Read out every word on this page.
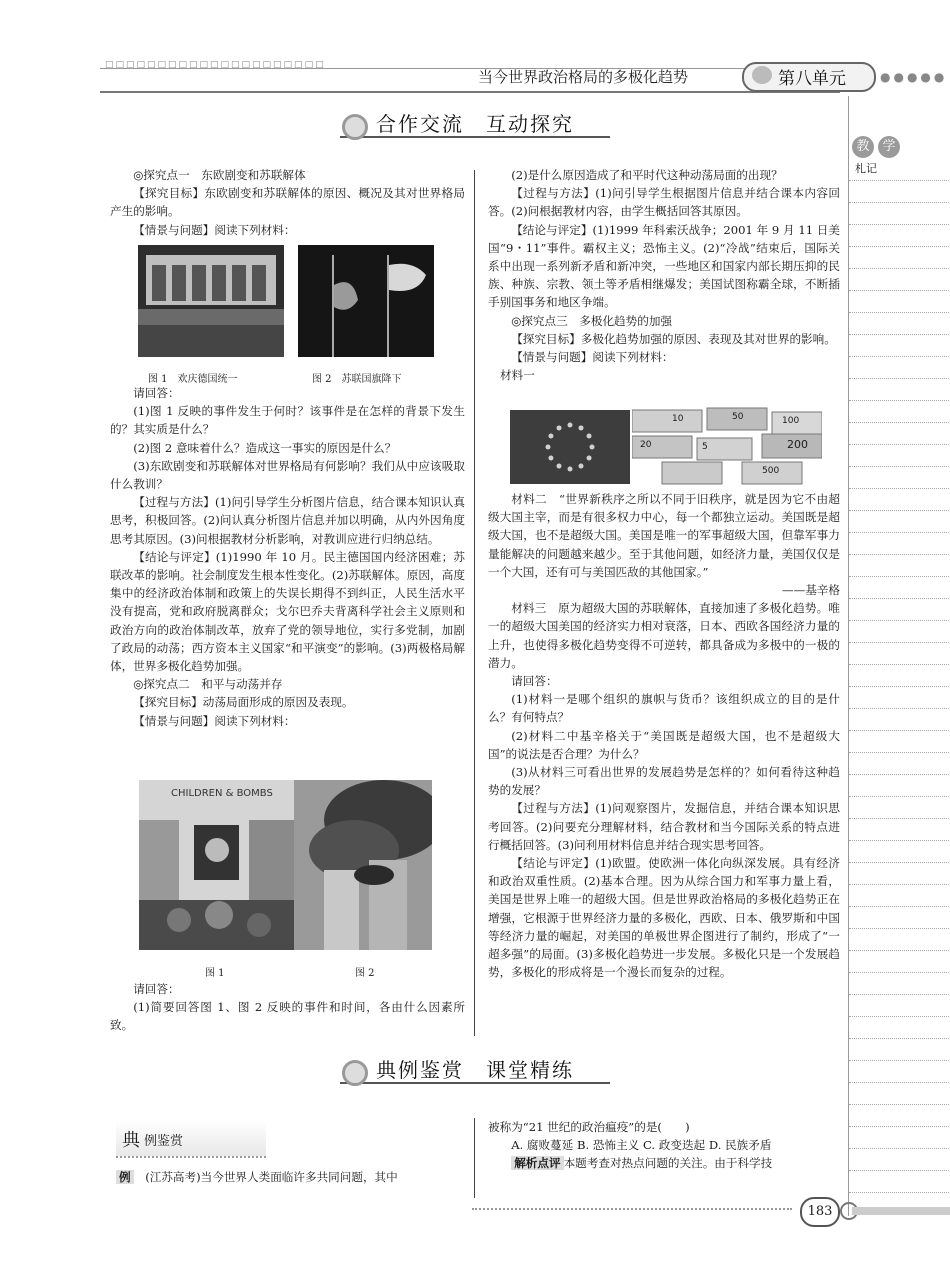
□□□□□□□□□□□□□□□□□□□□□
当今世界政治格局的多极化趋势	第八单元	●●●●●
教 学
札记
合作交流　互动探究

◎探究点一　东欧剧变和苏联解体

【探究目标】东欧剧变和苏联解体的原因、概况及其对世界格局产生的影响。

【情景与问题】阅读下列材料：

图 1　欢庆德国统一	图 2　苏联国旗降下

请回答：

(1)图 1 反映的事件发生于何时？该事件是在怎样的背景下发生的？其实质是什么？

(2)图 2 意味着什么？造成这一事实的原因是什么？

(3)东欧剧变和苏联解体对世界格局有何影响？我们从中应该吸取什么教训？

【过程与方法】(1)问引导学生分析图片信息，结合课本知识认真思考，积极回答。(2)问认真分析图片信息并加以明确，从内外因角度思考其原因。(3)问根据教材分析影响，对教训应进行归纳总结。

【结论与评定】(1)1990 年 10 月。民主德国国内经济困难；苏联改革的影响。社会制度发生根本性变化。(2)苏联解体。原因，高度集中的经济政治体制和政策上的失误长期得不到纠正，人民生活水平没有提高，党和政府脱离群众；戈尔巴乔夫背离科学社会主义原则和政治方向的政治体制改革，放弃了党的领导地位，实行多党制，加剧了政局的动荡；西方资本主义国家“和平演变”的影响。(3)两极格局解体，世界多极化趋势加强。

◎探究点二　和平与动荡并存

【探究目标】动荡局面形成的原因及表现。

【情景与问题】阅读下列材料：

CHILDREN & BOMBS
图 1	图 2

请回答：

(1)简要回答图 1、图 2 反映的事件和时间，各由什么因素所致。

(2)是什么原因造成了和平时代这种动荡局面的出现？

【过程与方法】(1)问引导学生根据图片信息并结合课本内容回答。(2)问根据教材内容，由学生概括回答其原因。

【结论与评定】(1)1999 年科索沃战争；2001 年 9 月 11 日美国“9・11”事件。霸权主义；恐怖主义。(2)“冷战”结束后，国际关系中出现一系列新矛盾和新冲突，一些地区和国家内部长期压抑的民族、种族、宗教、领土等矛盾相继爆发；美国试图称霸全球，不断插手别国事务和地区争端。

◎探究点三　多极化趋势的加强

【探究目标】多极化趋势加强的原因、表现及其对世界的影响。

【情景与问题】阅读下列材料：

材料一

10	50	100
20	5	200
500

材料二　“世界新秩序之所以不同于旧秩序，就是因为它不由超级大国主宰，而是有很多权力中心，每一个都独立运动。美国既是超级大国，也不是超级大国。美国是唯一的军事超级大国，但靠军事力量能解决的问题越来越少。至于其他问题，如经济力量，美国仅仅是一个大国，还有可与美国匹敌的其他国家。”

——基辛格

材料三　原为超级大国的苏联解体，直接加速了多极化趋势。唯一的超级大国美国的经济实力相对衰落，日本、西欧各国经济力量的上升，也使得多极化趋势变得不可逆转，都具备成为多极中的一极的潜力。

请回答：

(1)材料一是哪个组织的旗帜与货币？该组织成立的目的是什么？有何特点？

(2)材料二中基辛格关于“美国既是超级大国，也不是超级大国”的说法是否合理？为什么？

(3)从材料三可看出世界的发展趋势是怎样的？如何看待这种趋势的发展？

【过程与方法】(1)问观察图片，发掘信息，并结合课本知识思考回答。(2)问要充分理解材料，结合教材和当今国际关系的特点进行概括回答。(3)问利用材料信息并结合现实思考回答。

【结论与评定】(1)欧盟。使欧洲一体化向纵深发展。具有经济和政治双重性质。(2)基本合理。因为从综合国力和军事力量上看，美国是世界上唯一的超级大国。但是世界政治格局的多极化趋势正在增强，它根源于世界经济力量的多极化，西欧、日本、俄罗斯和中国等经济力量的崛起，对美国的单极世界企图进行了制约，形成了“一超多强”的局面。(3)多极化趋势进一步发展。多极化只是一个发展趋势，多极化的形成将是一个漫长而复杂的过程。

典例鉴赏　课堂精练
典 例鉴赏

例　 (江苏高考)当今世界人类面临许多共同问题，其中

被称为“21 世纪的政治瘟疫”的是(　　)

A. 腐败蔓延 B. 恐怖主义 C. 政变迭起 D. 民族矛盾

解析点评 本题考查对热点问题的关注。由于科学技

183
